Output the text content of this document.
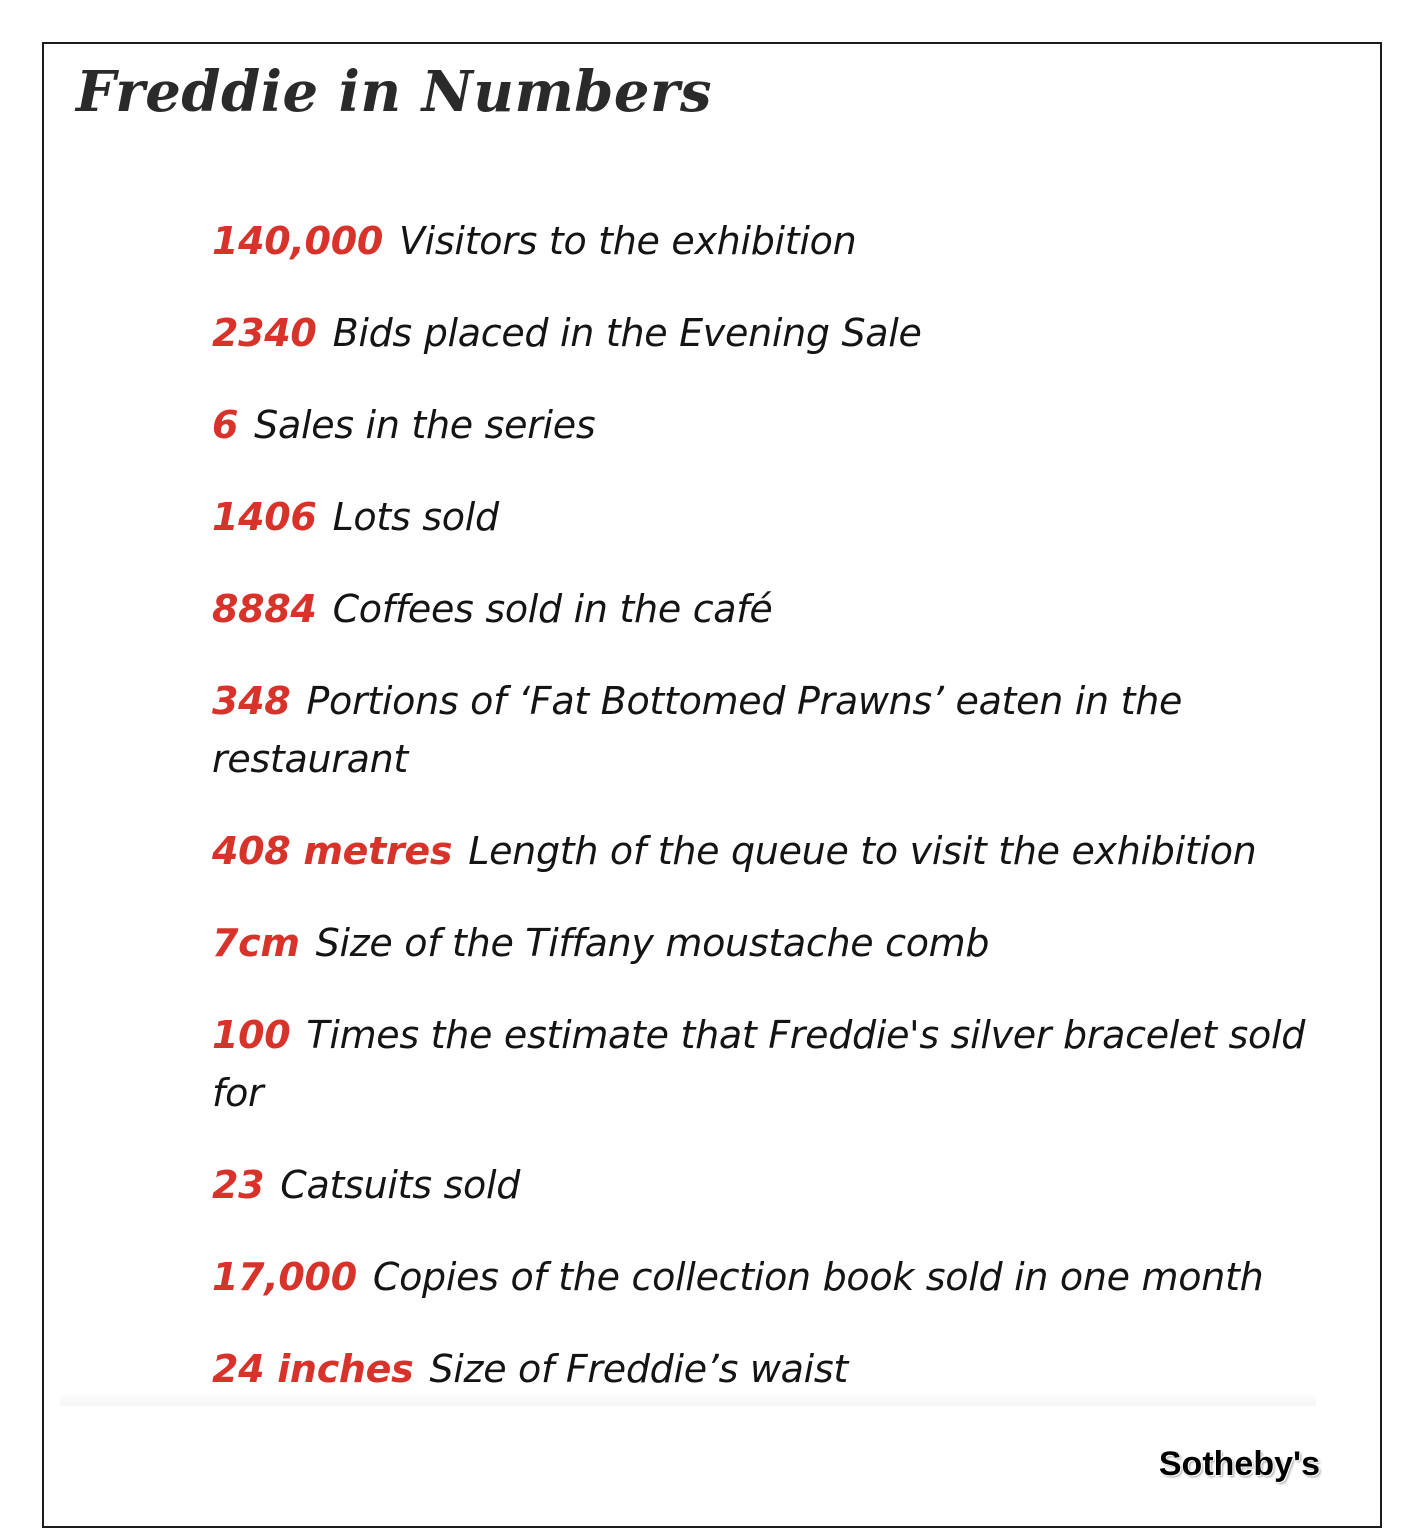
Freddie in Numbers
140,000 Visitors to the exhibition
2340 Bids placed in the Evening Sale
6 Sales in the series
1406 Lots sold
8884 Coffees sold in the café
348 Portions of ‘Fat Bottomed Prawns’ eaten in the restaurant
408 metres Length of the queue to visit the exhibition
7cm Size of the Tiffany moustache comb
100 Times the estimate that Freddie's silver bracelet sold for
23 Catsuits sold
17,000 Copies of the collection book sold in one month
24 inches Size of Freddie’s waist
Sotheby's
